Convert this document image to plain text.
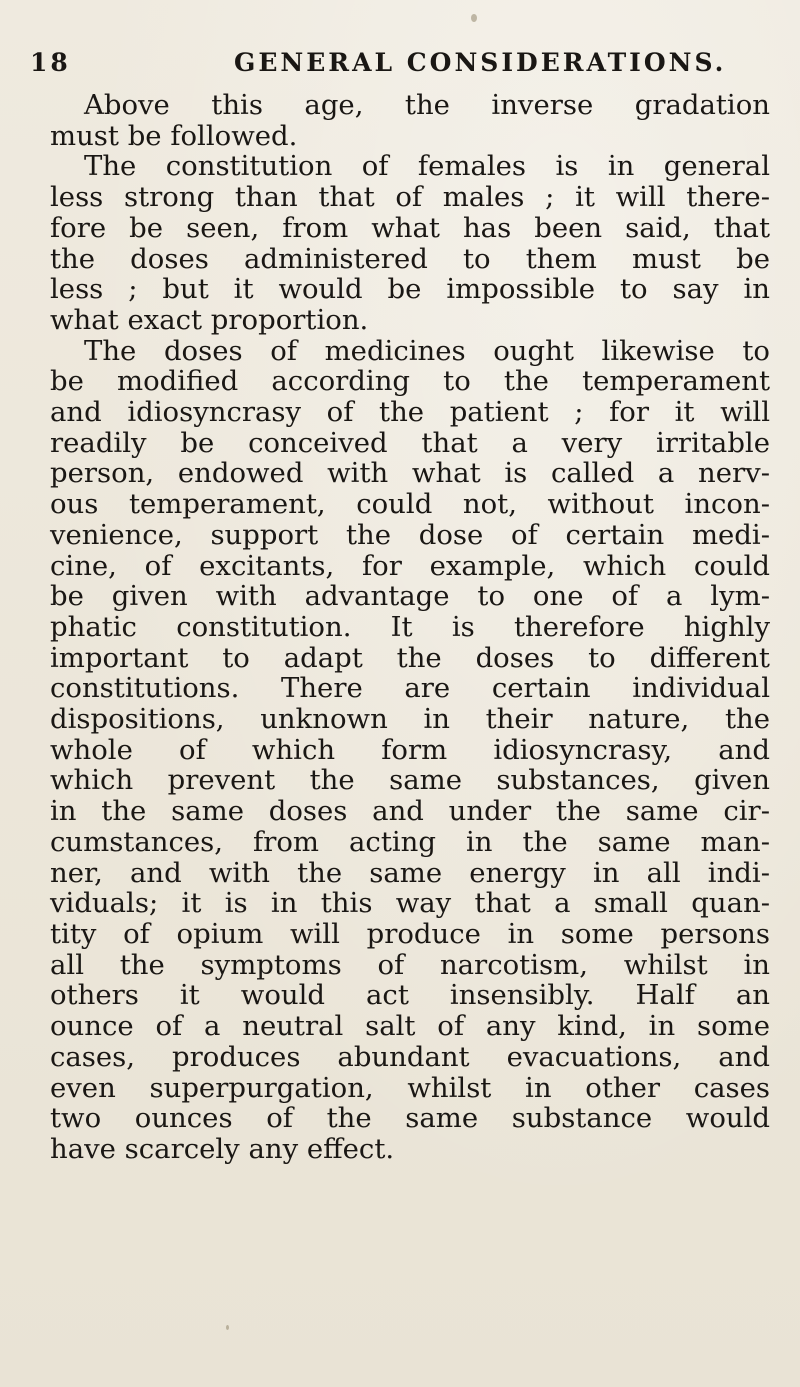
18	GENERAL CONSIDERATIONS.

Above this age, the inverse gradation
must be followed.

The constitution of females is in general
less strong than that of males ; it will there-
fore be seen, from what has been said, that
the doses administered to them must be
less ; but it would be impossible to say in
what exact proportion.

The doses of medicines ought likewise to
be modified according to the temperament
and idiosyncrasy of the patient ; for it will
readily be conceived that a very irritable
person, endowed with what is called a nerv-
ous temperament, could not, without incon-
venience, support the dose of certain medi-
cine, of excitants, for example, which could
be given with advantage to one of a lym-
phatic constitution. It is therefore highly
important to adapt the doses to different
constitutions. There are certain individual
dispositions, unknown in their nature, the
whole of which form idiosyncrasy, and
which prevent the same substances, given
in the same doses and under the same cir-
cumstances, from acting in the same man-
ner, and with the same energy in all indi-
viduals; it is in this way that a small quan-
tity of opium will produce in some persons
all the symptoms of narcotism, whilst in
others it would act insensibly. Half an
ounce of a neutral salt of any kind, in some
cases, produces abundant evacuations, and
even superpurgation, whilst in other cases
two ounces of the same substance would
have scarcely any effect.
